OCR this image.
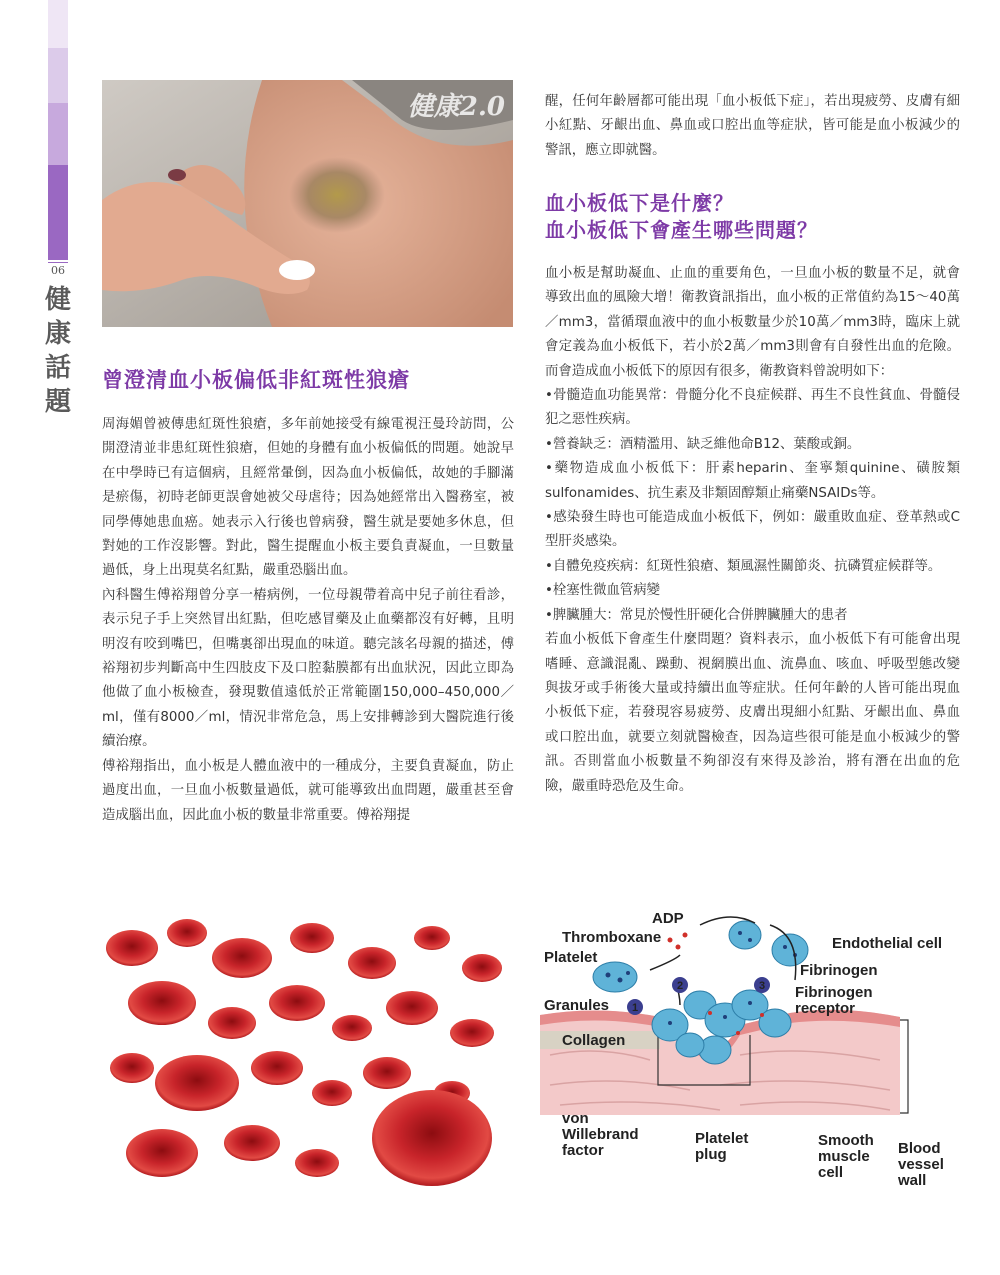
06
健
康
話
題
健康2.0
曾澄清血小板偏低非紅斑性狼瘡

周海媚曾被傳患紅斑性狼瘡，多年前她接受有線電視汪曼玲訪問，公開澄清並非患紅斑性狼瘡，但她的身體有血小板偏低的問題。她說早在中學時已有這個病，且經常暈倒，因為血小板偏低，故她的手腳滿是瘀傷，初時老師更誤會她被父母虐待；因為她經常出入醫務室，被同學傳她患血癌。她表示入行後也曾病發，醫生就是要她多休息，但對她的工作沒影響。對此，醫生提醒血小板主要負責凝血，一旦數量過低，身上出現莫名紅點，嚴重恐腦出血。

內科醫生傅裕翔曾分享一樁病例，一位母親帶着高中兒子前往看診，表示兒子手上突然冒出紅點，但吃感冒藥及止血藥都沒有好轉，且明明沒有咬到嘴巴，但嘴裏卻出現血的味道。聽完該名母親的描述，傅裕翔初步判斷高中生四肢皮下及口腔黏膜都有出血狀況，因此立即為他做了血小板檢查，發現數值遠低於正常範圍150,000–450,000／ml，僅有8000／ml，情況非常危急，馬上安排轉診到大醫院進行後續治療。

傅裕翔指出，血小板是人體血液中的一種成分，主要負責凝血，防止過度出血，一旦血小板數量過低，就可能導致出血問題，嚴重甚至會造成腦出血，因此血小板的數量非常重要。傅裕翔提

醒，任何年齡層都可能出現「血小板低下症」，若出現疲勞、皮膚有細小紅點、牙齦出血、鼻血或口腔出血等症狀，皆可能是血小板減少的警訊，應立即就醫。

血小板低下是什麼？
血小板低下會產生哪些問題？

血小板是幫助凝血、止血的重要角色，一旦血小板的數量不足，就會導致出血的風險大增！衛教資訊指出，血小板的正常值約為15～40萬／mm3，當循環血液中的血小板數量少於10萬／mm3時，臨床上就會定義為血小板低下，若小於2萬／mm3則會有自發性出血的危險。而會造成血小板低下的原因有很多，衛教資料曾說明如下：

•骨髓造血功能異常：骨髓分化不良症候群、再生不良性貧血、骨髓侵犯之惡性疾病。

•營養缺乏：酒精濫用、缺乏維他命B12、葉酸或銅。

•藥物造成血小板低下：肝素heparin、奎寧類quinine、磺胺類sulfonamides、抗生素及非類固醇類止痛藥NSAIDs等。

•感染發生時也可能造成血小板低下，例如：嚴重敗血症、登革熱或C型肝炎感染。

•自體免疫疾病：紅斑性狼瘡、類風濕性關節炎、抗磷質症候群等。

•栓塞性微血管病變

•脾臟腫大：常見於慢性肝硬化合併脾臟腫大的患者

若血小板低下會產生什麼問題？資料表示，血小板低下有可能會出現嗜睡、意識混亂、躁動、視網膜出血、流鼻血、咳血、呼吸型態改變與拔牙或手術後大量或持續出血等症狀。任何年齡的人皆可能出現血小板低下症，若發現容易疲勞、皮膚出現細小紅點、牙齦出血、鼻血或口腔出血，就要立刻就醫檢查，因為這些很可能是血小板減少的警訊。否則當血小板數量不夠卻沒有來得及診治，將有潛在出血的危險，嚴重時恐危及生命。

1
2	3
ADP
Thromboxane
Platelet
Granules
Collagen
von
Willebrand
factor
Platelet
plug
Endothelial cell
Fibrinogen
Fibrinogen
receptor
Smooth
muscle
cell
Blood
vessel
wall
